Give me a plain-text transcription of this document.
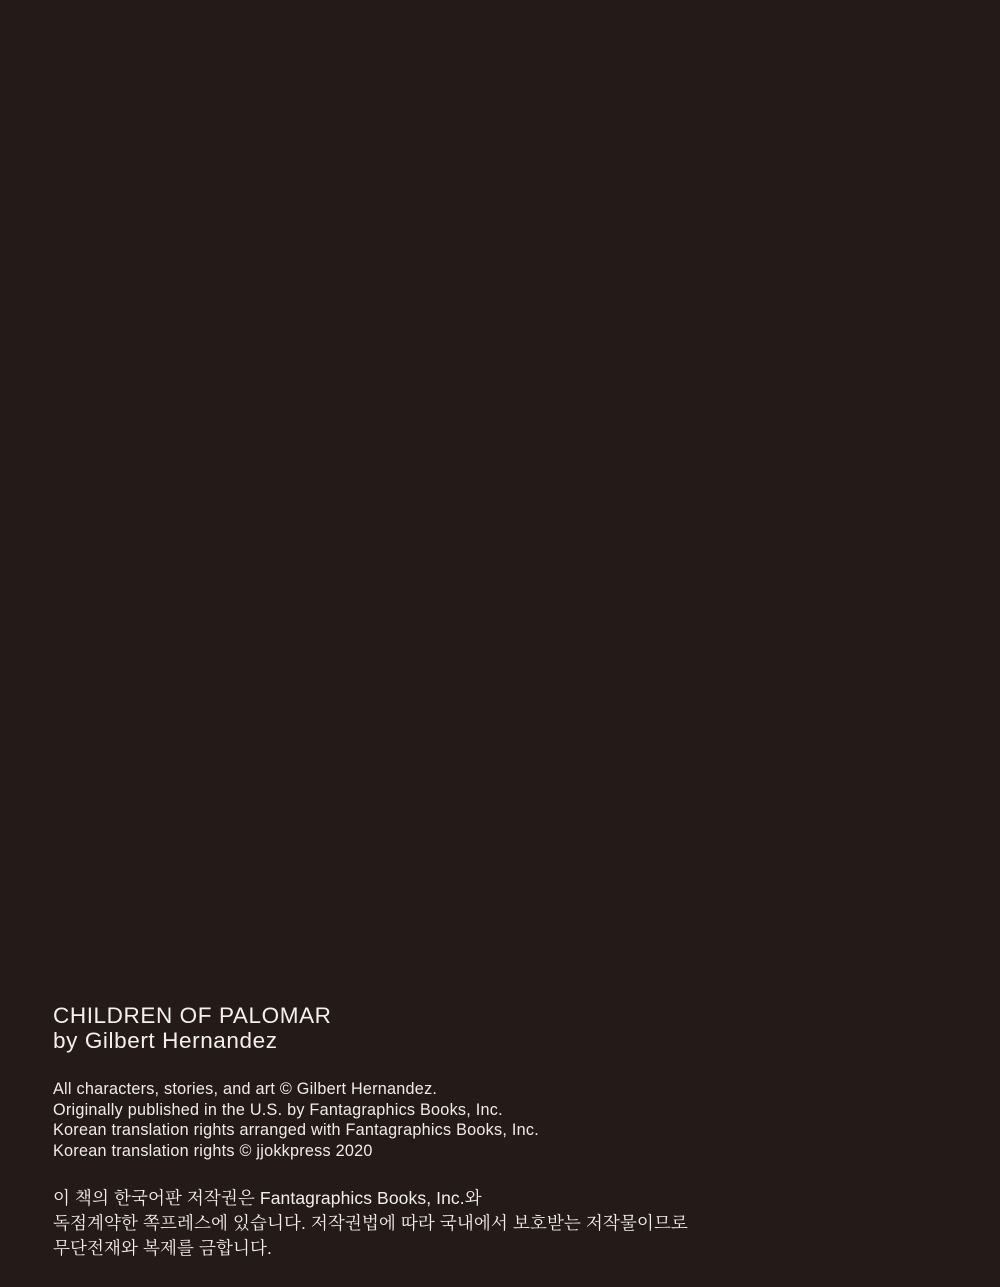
CHILDREN OF PALOMAR
by Gilbert Hernandez
All characters, stories, and art © Gilbert Hernandez.
Originally published in the U.S. by Fantagraphics Books, Inc.
Korean translation rights arranged with Fantagraphics Books, Inc.
Korean translation rights © jjokkpress 2020
이 책의 한국어판 저작권은 Fantagraphics Books, Inc.와
독점계약한 쪽프레스에 있습니다. 저작권법에 따라 국내에서 보호받는 저작물이므로
무단전재와 복제를 금합니다.
